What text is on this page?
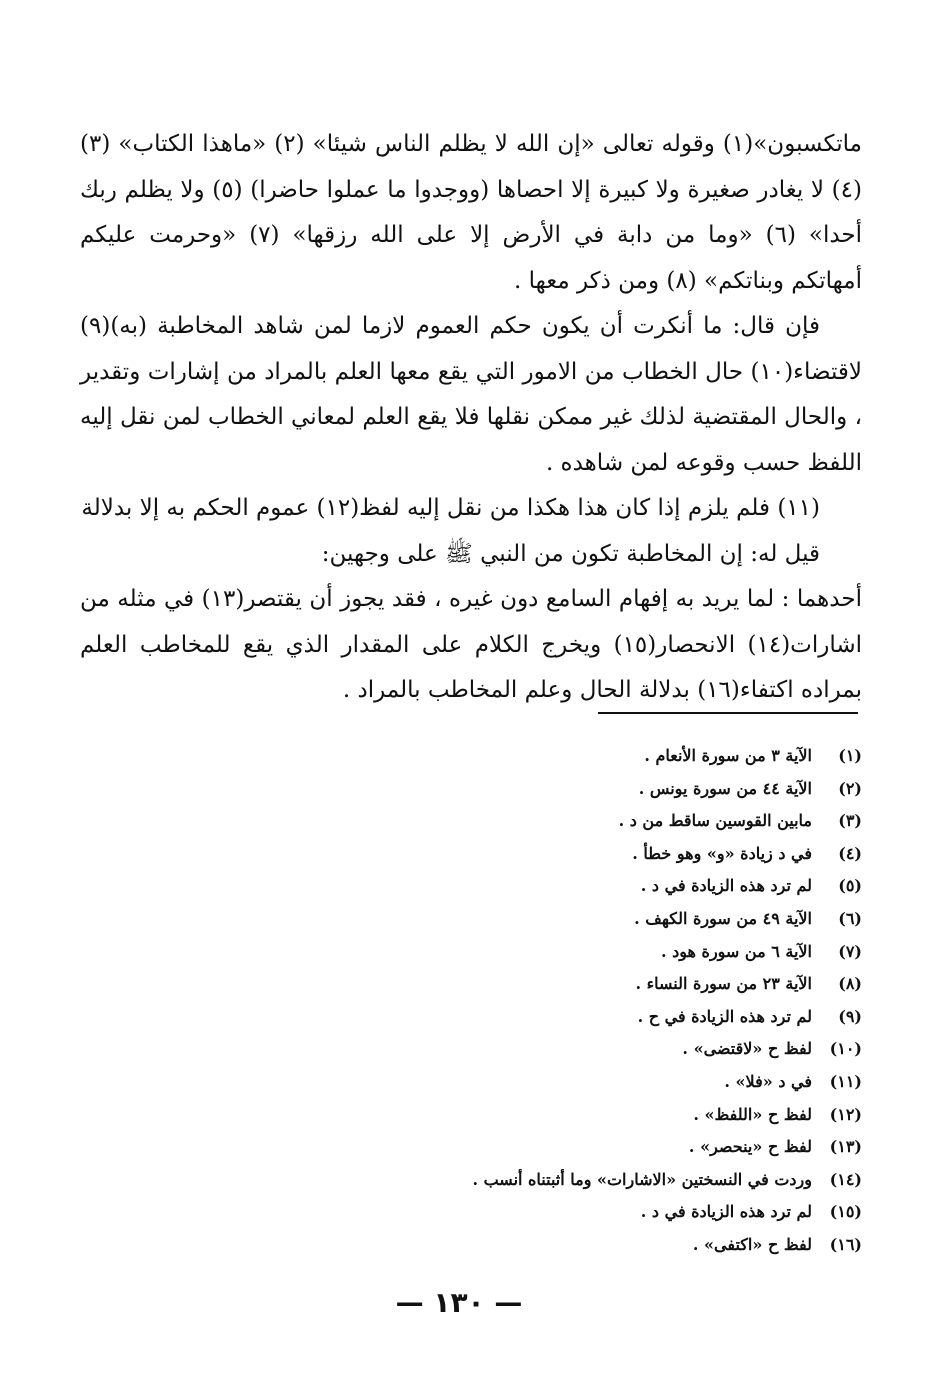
ماتكسبون»(١) وقوله تعالى «إن الله لا يظلم الناس شيئا» (٢) «ماهذا الكتاب» (٣) (٤) لا يغادر صغيرة ولا كبيرة إلا احصاها (ووجدوا ما عملوا حاضرا) (٥) ولا يظلم ربك أحدا» (٦) «وما من دابة في الأرض إلا على الله رزقها» (٧) «وحرمت عليكم أمهاتكم وبناتكم» (٨) ومن ذكر معها .

فإن قال: ما أنكرت أن يكون حكم العموم لازما لمن شاهد المخاطبة (به)(٩) لاقتضاء(١٠) حال الخطاب من الامور التي يقع معها العلم بالمراد من إشارات وتقدير ، والحال المقتضية لذلك غير ممكن نقلها فلا يقع العلم لمعاني الخطاب لمن نقل إليه اللفظ حسب وقوعه لمن شاهده .

(١١) فلم يلزم إذا كان هذا هكذا من نقل إليه لفظ(١٢) عموم الحكم به إلا بدلالة

قيل له: إن المخاطبة تكون من النبي ﷺ على وجهين:

أحدهما : لما يريد به إفهام السامع دون غيره ، فقد يجوز أن يقتصر(١٣) في مثله من اشارات(١٤) الانحصار(١٥) ويخرج الكلام على المقدار الذي يقع للمخاطب العلم بمراده اكتفاء(١٦) بدلالة الحال وعلم المخاطب بالمراد .

(١)الآية ٣ من سورة الأنعام .
(٢)الآية ٤٤ من سورة يونس .
(٣)مابين القوسين ساقط من د .
(٤)في د زيادة «و» وهو خطأ .
(٥)لم ترد هذه الزيادة في د .
(٦)الآية ٤٩ من سورة الكهف .
(٧)الآية ٦ من سورة هود .
(٨)الآية ٢٣ من سورة النساء .
(٩)لم ترد هذه الزيادة في ح .
(١٠)لفظ ح «لاقتضى» .
(١١)في د «فلا» .
(١٢)لفظ ح «اللفظ» .
(١٣)لفظ ح «ينحصر» .
(١٤)وردت في النسختين «الاشارات» وما أثبتناه أنسب .
(١٥)لم ترد هذه الزيادة في د .
(١٦)لفظ ح «اكتفى» .
— ١٣٠ —
